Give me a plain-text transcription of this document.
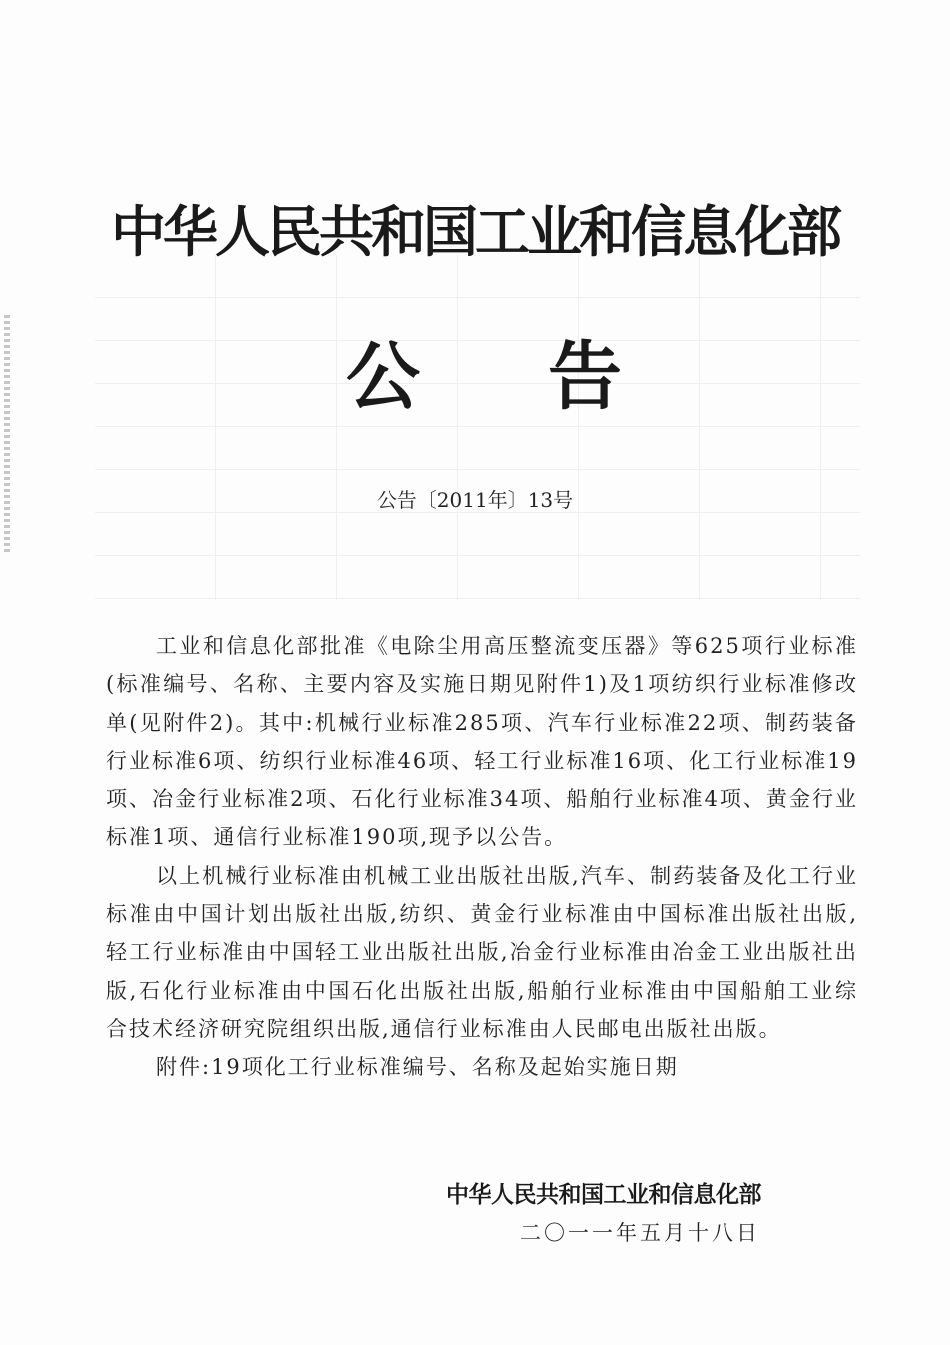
中华人民共和国工业和信息化部
公 告
公告〔2011年〕13号

工业和信息化部批准《电除尘用高压整流变压器》等625项行业标准(标准编号、名称、主要内容及实施日期见附件1)及1项纺织行业标准修改单(见附件2)。其中:机械行业标准285项、汽车行业标准22项、制药装备行业标准6项、纺织行业标准46项、轻工行业标准16项、化工行业标准19项、冶金行业标准2项、石化行业标准34项、船舶行业标准4项、黄金行业标准1项、通信行业标准190项,现予以公告。

以上机械行业标准由机械工业出版社出版,汽车、制药装备及化工行业标准由中国计划出版社出版,纺织、黄金行业标准由中国标准出版社出版,轻工行业标准由中国轻工业出版社出版,冶金行业标准由冶金工业出版社出版,石化行业标准由中国石化出版社出版,船舶行业标准由中国船舶工业综合技术经济研究院组织出版,通信行业标准由人民邮电出版社出版。

附件:19项化工行业标准编号、名称及起始实施日期

中华人民共和国工业和信息化部
二〇一一年五月十八日
